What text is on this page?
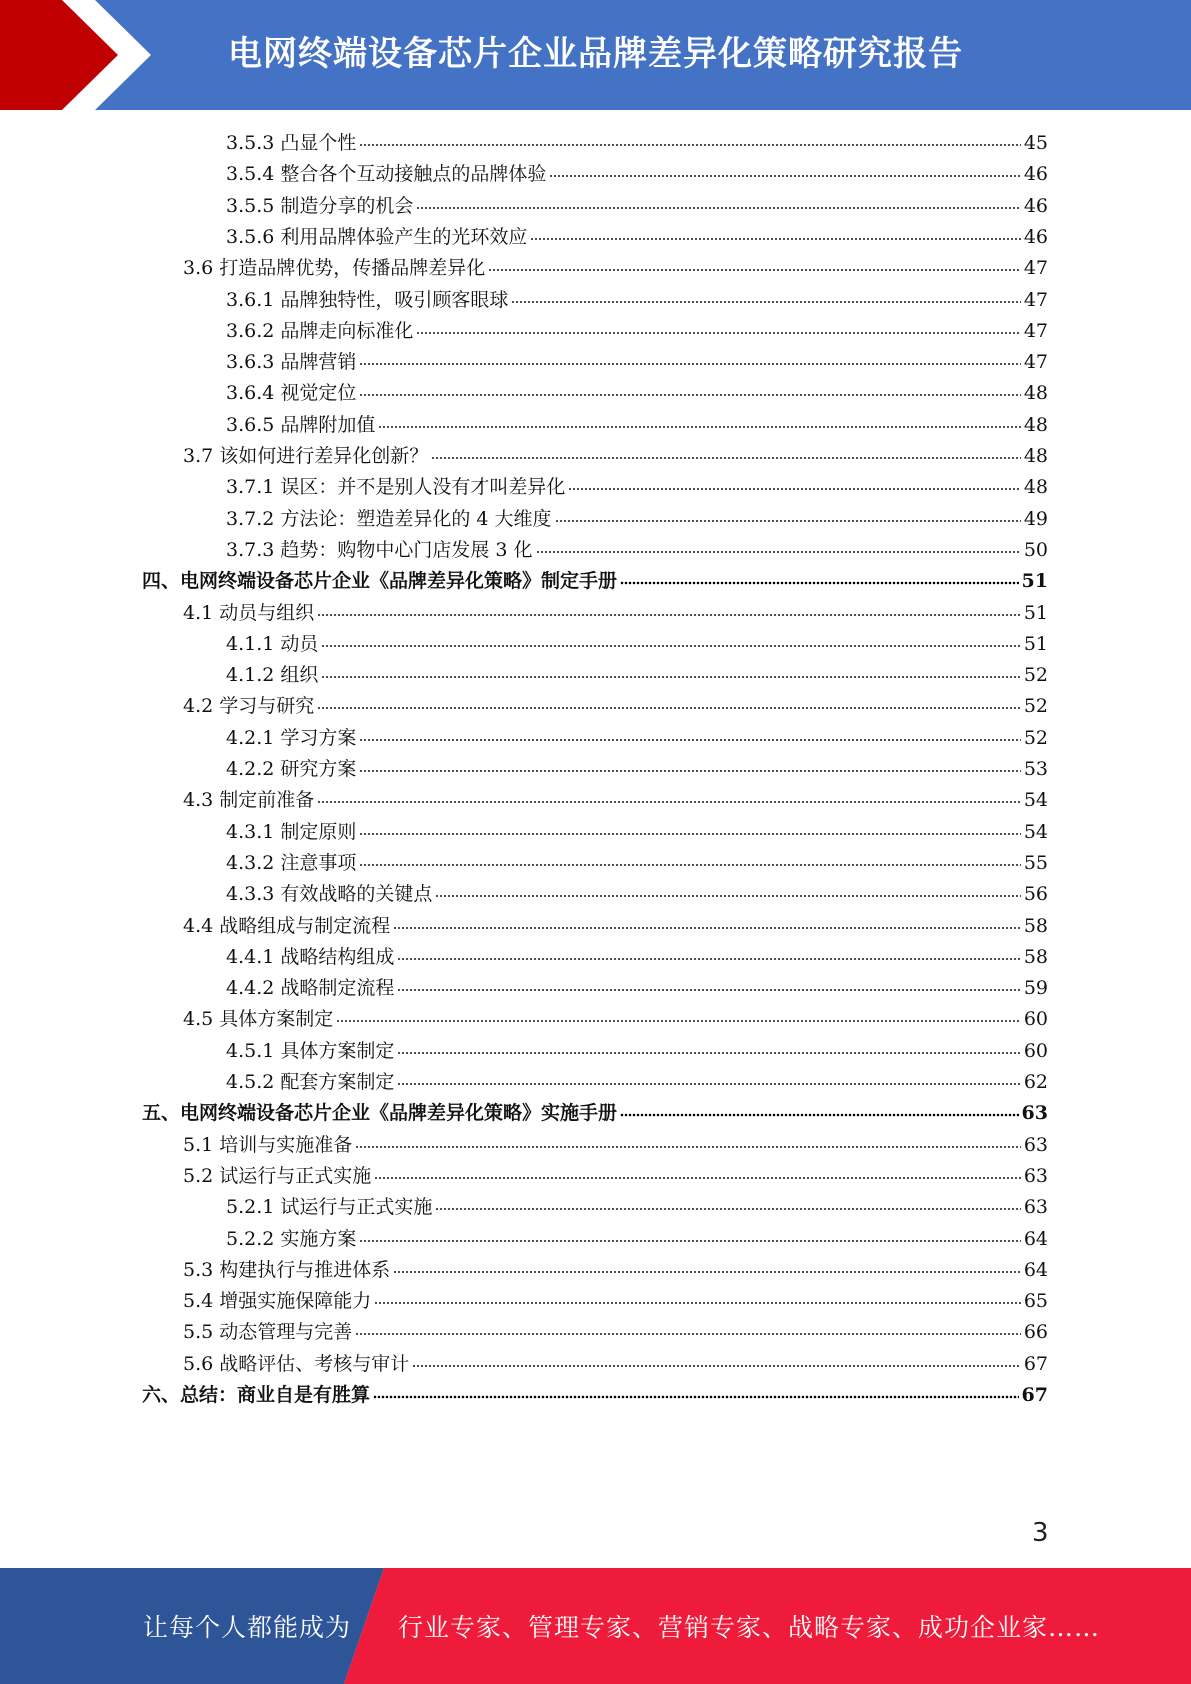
电网终端设备芯片企业品牌差异化策略研究报告
3.5.3 凸显个性	45
3.5.4 整合各个互动接触点的品牌体验	46
3.5.5 制造分享的机会	46
3.5.6 利用品牌体验产生的光环效应	46
3.6 打造品牌优势，传播品牌差异化	47
3.6.1 品牌独特性，吸引顾客眼球	47
3.6.2 品牌走向标准化	47
3.6.3 品牌营销	47
3.6.4 视觉定位	48
3.6.5 品牌附加值	48
3.7 该如何进行差异化创新？	48
3.7.1 误区：并不是别人没有才叫差异化	48
3.7.2 方法论：塑造差异化的 4 大维度	49
3.7.3 趋势：购物中心门店发展 3 化	50
四、电网终端设备芯片企业《品牌差异化策略》制定手册	51
4.1 动员与组织	51
4.1.1 动员	51
4.1.2 组织	52
4.2 学习与研究	52
4.2.1 学习方案	52
4.2.2 研究方案	53
4.3 制定前准备	54
4.3.1 制定原则	54
4.3.2 注意事项	55
4.3.3 有效战略的关键点	56
4.4 战略组成与制定流程	58
4.4.1 战略结构组成	58
4.4.2 战略制定流程	59
4.5 具体方案制定	60
4.5.1 具体方案制定	60
4.5.2 配套方案制定	62
五、电网终端设备芯片企业《品牌差异化策略》实施手册	63
5.1 培训与实施准备	63
5.2 试运行与正式实施	63
5.2.1 试运行与正式实施	63
5.2.2 实施方案	64
5.3 构建执行与推进体系	64
5.4 增强实施保障能力	65
5.5 动态管理与完善	66
5.6 战略评估、考核与审计	67
六、总结：商业自是有胜算	67
3
让每个人都能成为 行业专家、管理专家、营销专家、战略专家、成功企业家……
